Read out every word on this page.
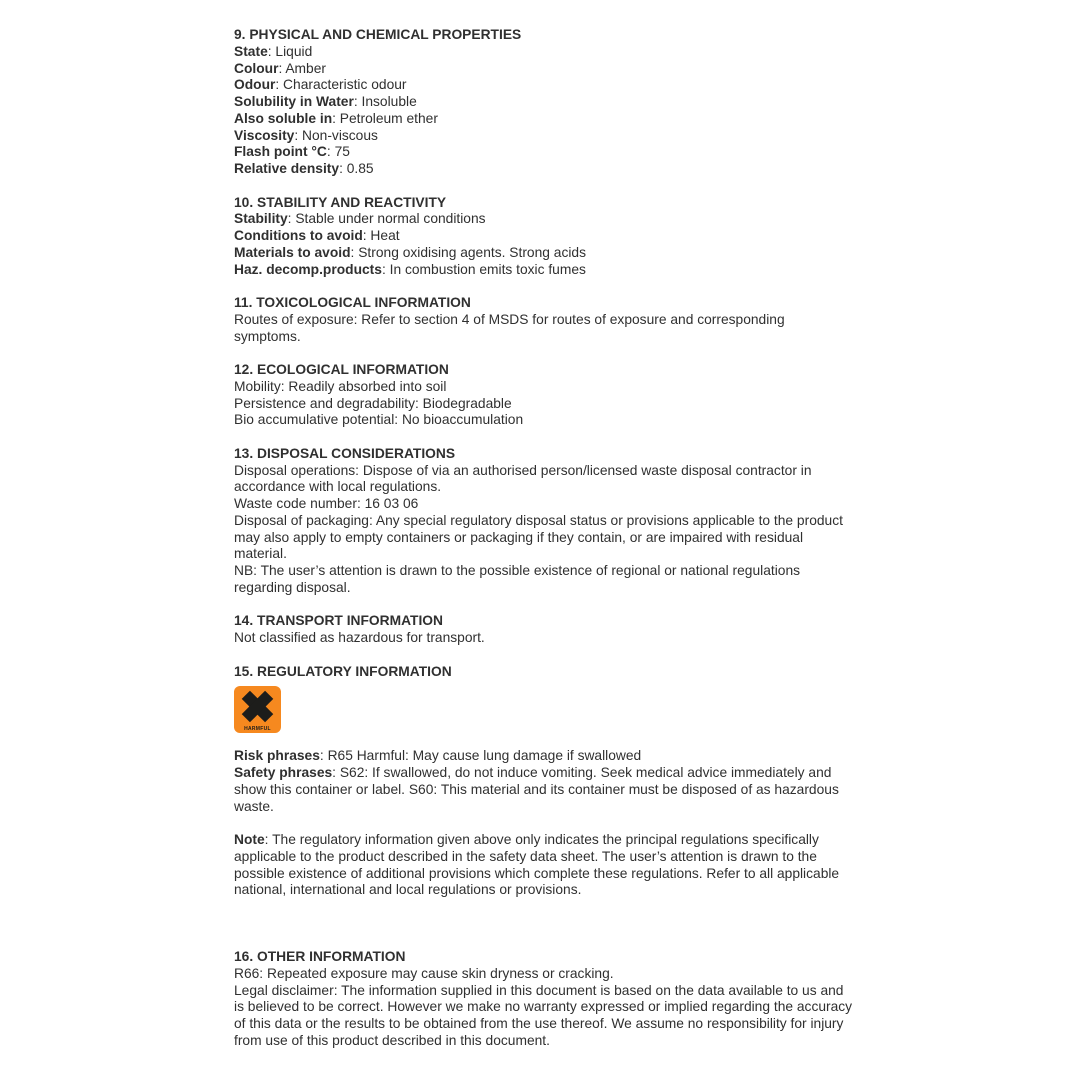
9. PHYSICAL AND CHEMICAL PROPERTIES

State: Liquid

Colour: Amber

Odour: Characteristic odour

Solubility in Water: Insoluble

Also soluble in: Petroleum ether

Viscosity: Non-viscous

Flash point °C: 75

Relative density: 0.85

10. STABILITY AND REACTIVITY

Stability: Stable under normal conditions

Conditions to avoid: Heat

Materials to avoid: Strong oxidising agents. Strong acids

Haz. decomp.products: In combustion emits toxic fumes

11. TOXICOLOGICAL INFORMATION

Routes of exposure: Refer to section 4 of MSDS for routes of exposure and corresponding symptoms.

12. ECOLOGICAL INFORMATION

Mobility: Readily absorbed into soil

Persistence and degradability: Biodegradable

Bio accumulative potential: No bioaccumulation

13. DISPOSAL CONSIDERATIONS

Disposal operations: Dispose of via an authorised person/licensed waste disposal contractor in accordance with local regulations.

Waste code number: 16 03 06

Disposal of packaging: Any special regulatory disposal status or provisions applicable to the product may also apply to empty containers or packaging if they contain, or are impaired with residual material.

NB: The user’s attention is drawn to the possible existence of regional or national regulations regarding disposal.

14. TRANSPORT INFORMATION

Not classified as hazardous for transport.

15. REGULATORY INFORMATION
HARMFUL

Risk phrases: R65 Harmful: May cause lung damage if swallowed

Safety phrases: S62: If swallowed, do not induce vomiting. Seek medical advice immediately and show this container or label. S60: This material and its container must be disposed of as hazardous waste.

Note: The regulatory information given above only indicates the principal regulations specifically applicable to the product described in the safety data sheet. The user’s attention is drawn to the possible existence of additional provisions which complete these regulations. Refer to all applicable national, international and local regulations or provisions.

16. OTHER INFORMATION

R66: Repeated exposure may cause skin dryness or cracking.

Legal disclaimer: The information supplied in this document is based on the data available to us and is believed to be correct. However we make no warranty expressed or implied regarding the accuracy of this data or the results to be obtained from the use thereof. We assume no responsibility for injury from use of this product described in this document.
